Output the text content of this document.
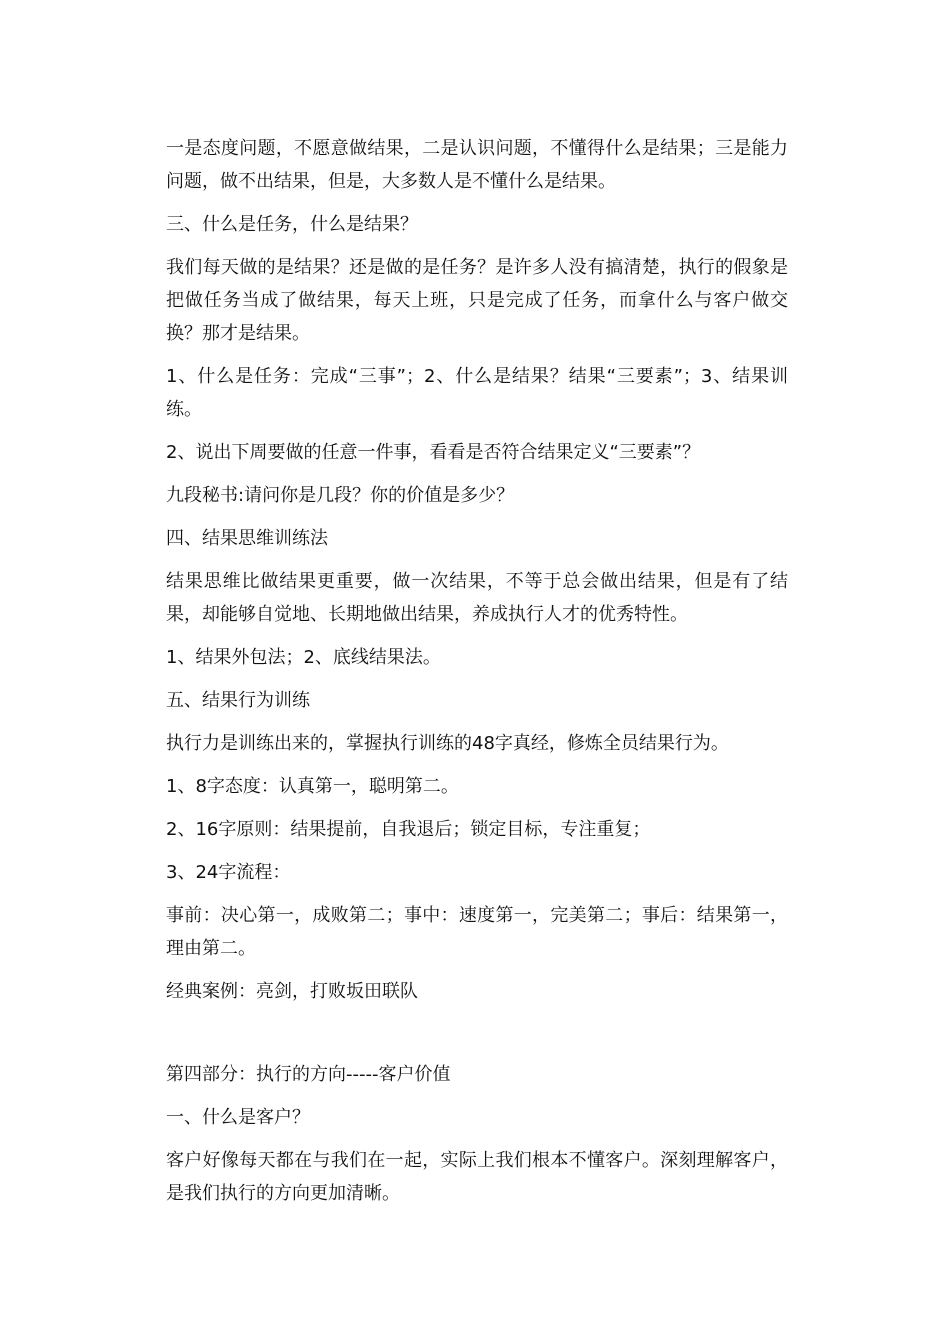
一是态度问题，不愿意做结果，二是认识问题，不懂得什么是结果；三是能力问题，做不出结果，但是，大多数人是不懂什么是结果。

三、什么是任务，什么是结果？

我们每天做的是结果？还是做的是任务？是许多人没有搞清楚，执行的假象是把做任务当成了做结果，每天上班，只是完成了任务，而拿什么与客户做交换？那才是结果。

1、什么是任务：完成“三事”；2、什么是结果？结果“三要素”；3、结果训练。

2、说出下周要做的任意一件事，看看是否符合结果定义“三要素”？

九段秘书:请问你是几段？你的价值是多少？

四、结果思维训练法

结果思维比做结果更重要，做一次结果，不等于总会做出结果，但是有了结果，却能够自觉地、长期地做出结果，养成执行人才的优秀特性。

1、结果外包法；2、底线结果法。

五、结果行为训练

执行力是训练出来的，掌握执行训练的48字真经，修炼全员结果行为。

1、8字态度：认真第一，聪明第二。

2、16字原则：结果提前，自我退后；锁定目标，专注重复；

3、24字流程：

事前：决心第一，成败第二；事中：速度第一，完美第二；事后：结果第一，理由第二。

经典案例：亮剑，打败坂田联队

第四部分：执行的方向-----客户价值

一、什么是客户？

客户好像每天都在与我们在一起，实际上我们根本不懂客户。深刻理解客户，是我们执行的方向更加清晰。
